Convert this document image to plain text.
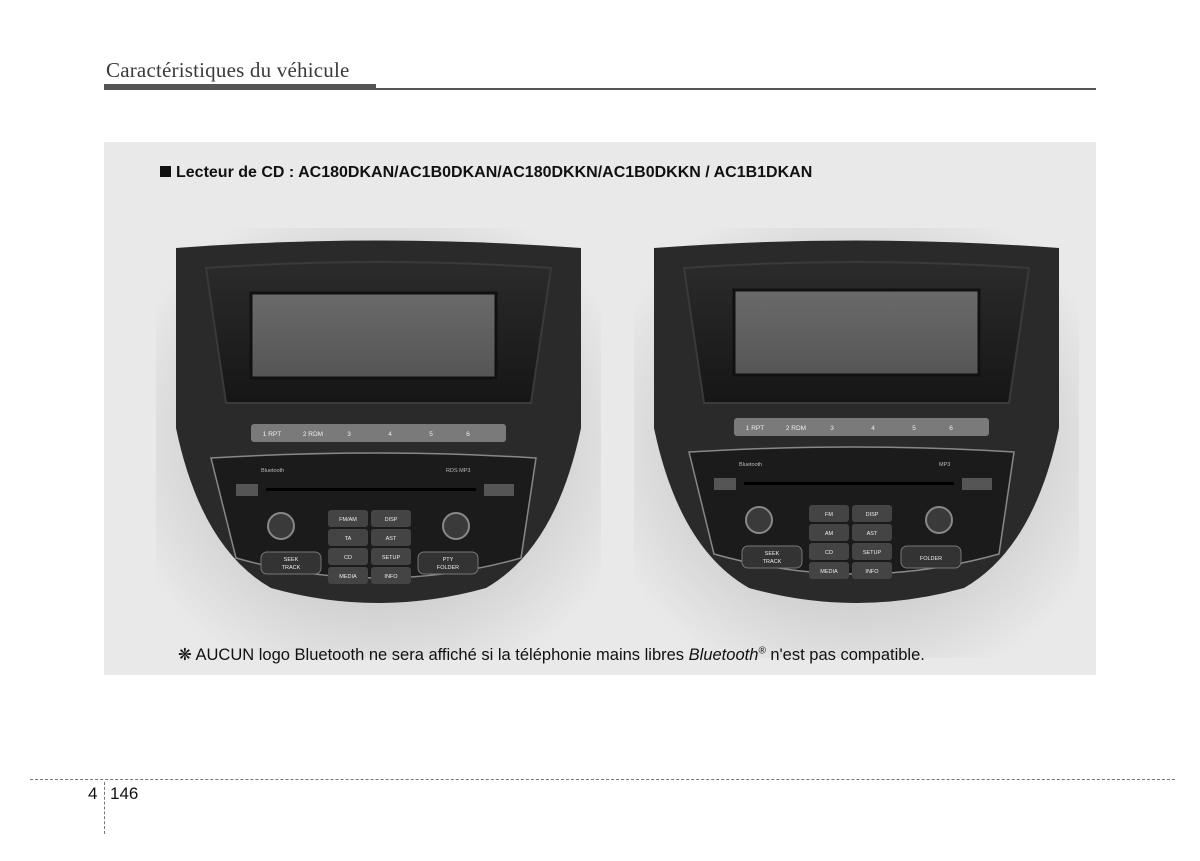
Caractéristiques du véhicule
Lecteur de CD : AC180DKAN/AC1B0DKAN/AC180DKKN/AC1B0DKKN / AC1B1DKAN
1 RPT	2 RDM	3	4	5	6
Bluetooth	RDS MP3
FM/AM	DISP
TA	AST
CD	SETUP
MEDIA	INFO
SEEK
TRACK
PTY
FOLDER
1 RPT	2 RDM	3	4	5	6
Bluetooth	MP3
FM	DISP
AM	AST
CD	SETUP
MEDIA	INFO
SEEK
TRACK	FOLDER
❋ AUCUN logo Bluetooth ne sera affiché si la téléphonie mains libres Bluetooth® n'est pas compatible.
4 146
